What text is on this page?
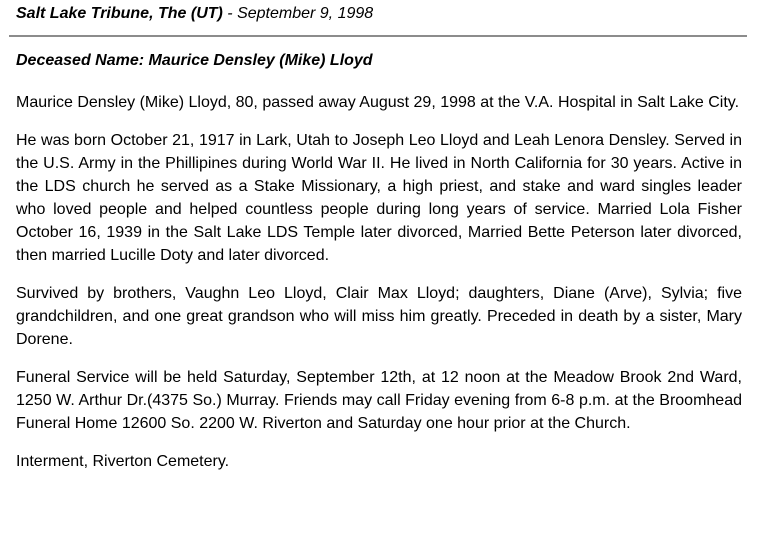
Salt Lake Tribune, The (UT) - September 9, 1998
Deceased Name: Maurice Densley (Mike) Lloyd

Maurice Densley (Mike) Lloyd, 80, passed away August 29, 1998 at the V.A. Hospital in Salt Lake City.

He was born October 21, 1917 in Lark, Utah to Joseph Leo Lloyd and Leah Lenora Densley. Served in the U.S. Army in the Phillipines during World War II. He lived in North California for 30 years. Active in the LDS church he served as a Stake Missionary, a high priest, and stake and ward singles leader who loved people and helped countless people during long years of service. Married Lola Fisher October 16, 1939 in the Salt Lake LDS Temple later divorced, Married Bette Peterson later divorced, then married Lucille Doty and later divorced.

Survived by brothers, Vaughn Leo Lloyd, Clair Max Lloyd; daughters, Diane (Arve), Sylvia; five grandchildren, and one great grandson who will miss him greatly. Preceded in death by a sister, Mary Dorene.

Funeral Service will be held Saturday, September 12th, at 12 noon at the Meadow Brook 2nd Ward, 1250 W. Arthur Dr.(4375 So.) Murray. Friends may call Friday evening from 6-8 p.m. at the Broomhead Funeral Home 12600 So. 2200 W. Riverton and Saturday one hour prior at the Church.

Interment, Riverton Cemetery.
